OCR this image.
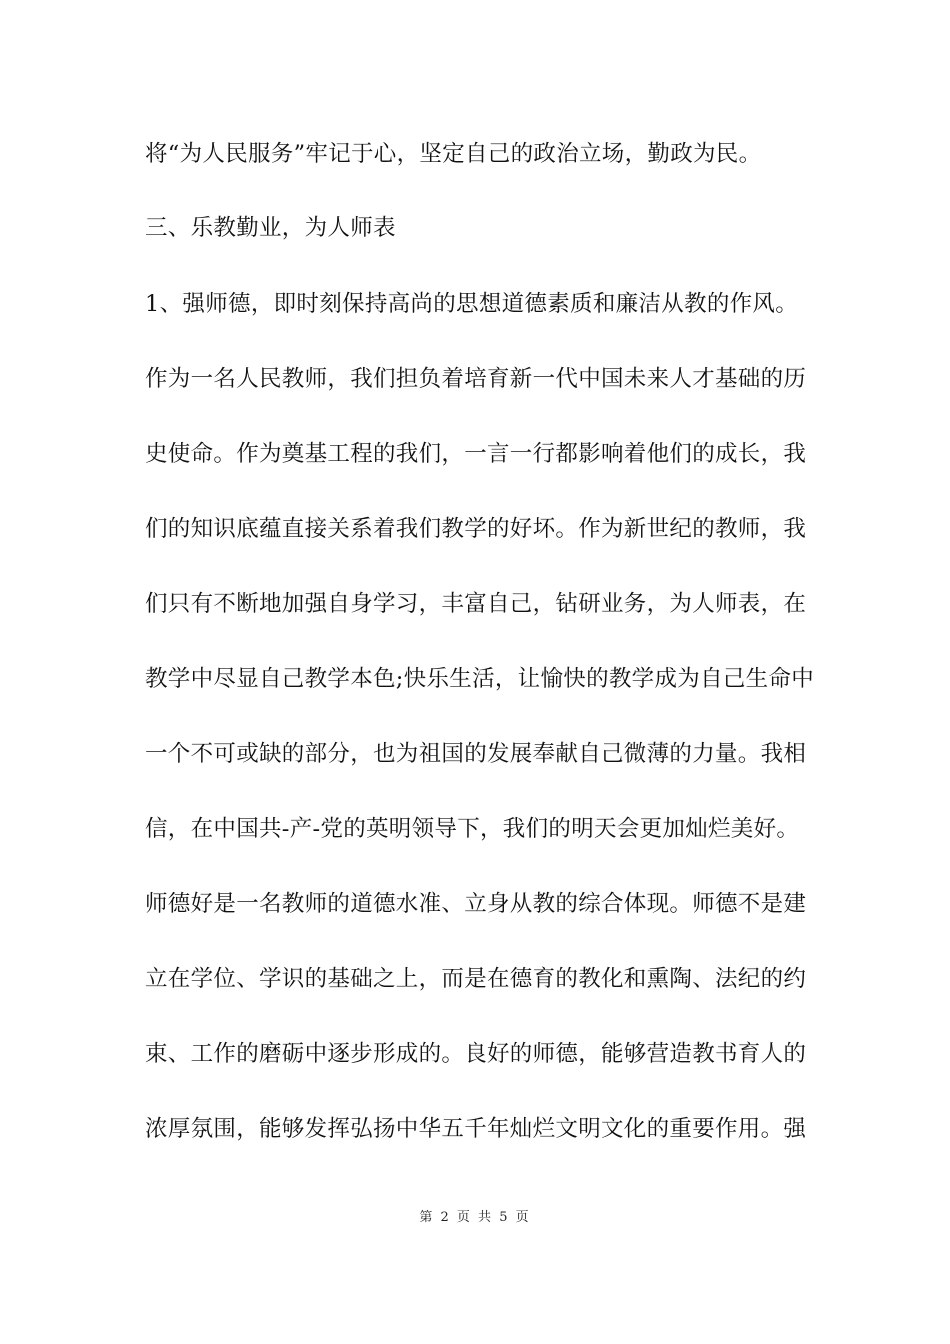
将“为人民服务”牢记于心，坚定自己的政治立场，勤政为民。
三、乐教勤业，为人师表
1、强师德，即时刻保持高尚的思想道德素质和廉洁从教的作风。
作为一名人民教师，我们担负着培育新一代中国未来人才基础的历
史使命。作为奠基工程的我们，一言一行都影响着他们的成长，我
们的知识底蕴直接关系着我们教学的好坏。作为新世纪的教师，我
们只有不断地加强自身学习，丰富自己，钻研业务，为人师表，在
教学中尽显自己教学本色;快乐生活，让愉快的教学成为自己生命中
一个不可或缺的部分，也为祖国的发展奉献自己微薄的力量。我相
信，在中国共-产-党的英明领导下，我们的明天会更加灿烂美好。
师德好是一名教师的道德水准、立身从教的综合体现。师德不是建
立在学位、学识的基础之上，而是在德育的教化和熏陶、法纪的约
束、工作的磨砺中逐步形成的。良好的师德，能够营造教书育人的
浓厚氛围，能够发挥弘扬中华五千年灿烂文明文化的重要作用。强
第 2 页 共 5 页
